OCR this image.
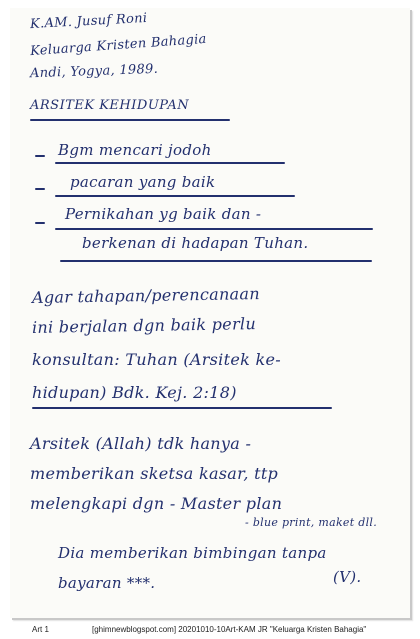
K.AM. Jusuf Roni
Keluarga Kristen Bahagia
Andi, Yogya, 1989.
ARSITEK KEHIDUPAN
Bgm mencari jodoh
pacaran yang baik
Pernikahan yg baik dan -
berkenan di hadapan Tuhan.
Agar tahapan/perencanaan
ini berjalan dgn baik perlu
konsultan: Tuhan (Arsitek ke-
hidupan) Bdk. Kej. 2:18)
Arsitek (Allah) tdk hanya -
memberikan sketsa kasar, ttp
melengkapi dgn - Master plan
- blue print, maket dll.
Dia memberikan bimbingan tanpa
bayaran ***.	(V).
Art 1	[ghimnewblogspot.com] 20201010-10Art-KAM JR "Keluarga Kristen Bahagia"
